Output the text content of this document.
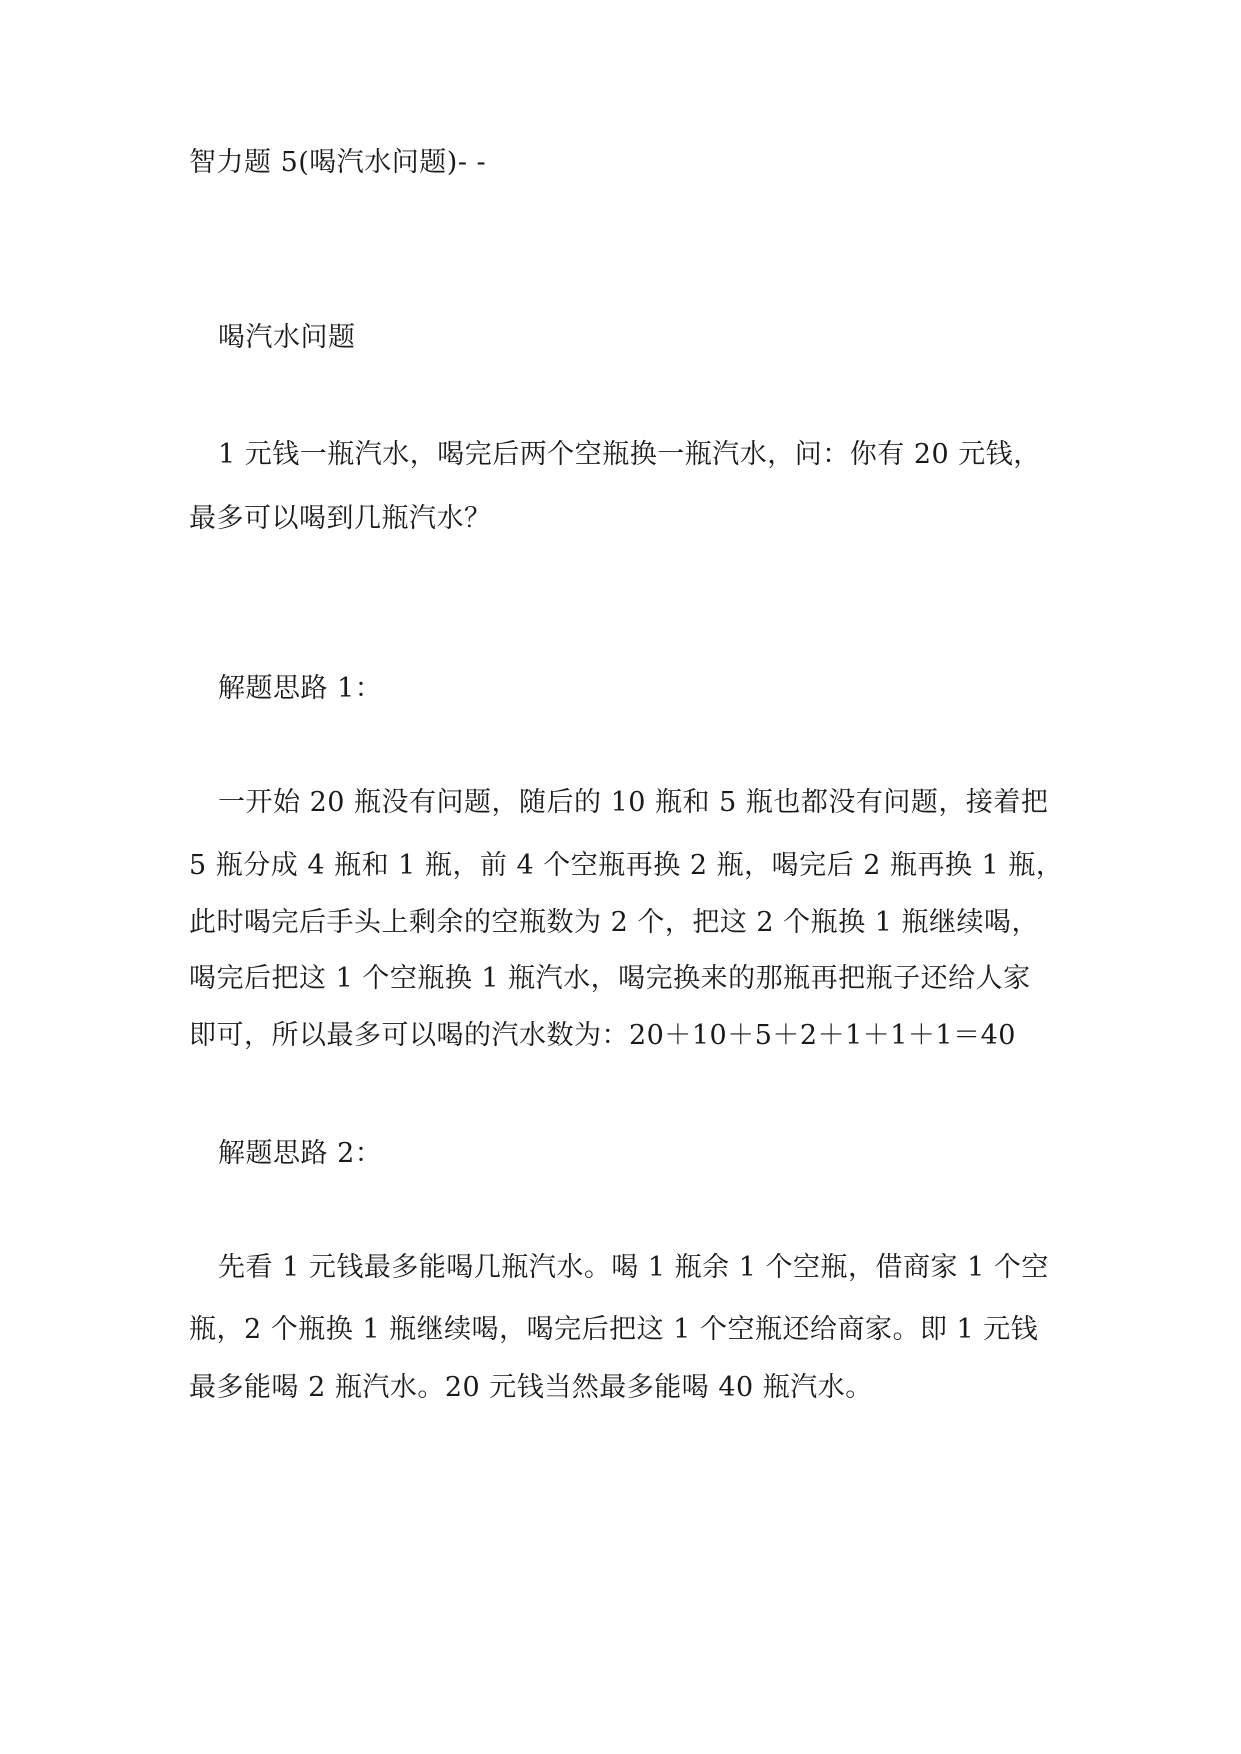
智力题 5(喝汽水问题)- -
喝汽水问题
1 元钱一瓶汽水，喝完后两个空瓶换一瓶汽水，问：你有 20 元钱，
最多可以喝到几瓶汽水？
解题思路 1：
一开始 20 瓶没有问题，随后的 10 瓶和 5 瓶也都没有问题，接着把
5 瓶分成 4 瓶和 1 瓶，前 4 个空瓶再换 2 瓶，喝完后 2 瓶再换 1 瓶，
此时喝完后手头上剩余的空瓶数为 2 个，把这 2 个瓶换 1 瓶继续喝，
喝完后把这 1 个空瓶换 1 瓶汽水，喝完换来的那瓶再把瓶子还给人家
即可，所以最多可以喝的汽水数为：20＋10＋5＋2＋1＋1＋1＝40
解题思路 2：
先看 1 元钱最多能喝几瓶汽水。喝 1 瓶余 1 个空瓶，借商家 1 个空
瓶，2 个瓶换 1 瓶继续喝，喝完后把这 1 个空瓶还给商家。即 1 元钱
最多能喝 2 瓶汽水。20 元钱当然最多能喝 40 瓶汽水。
